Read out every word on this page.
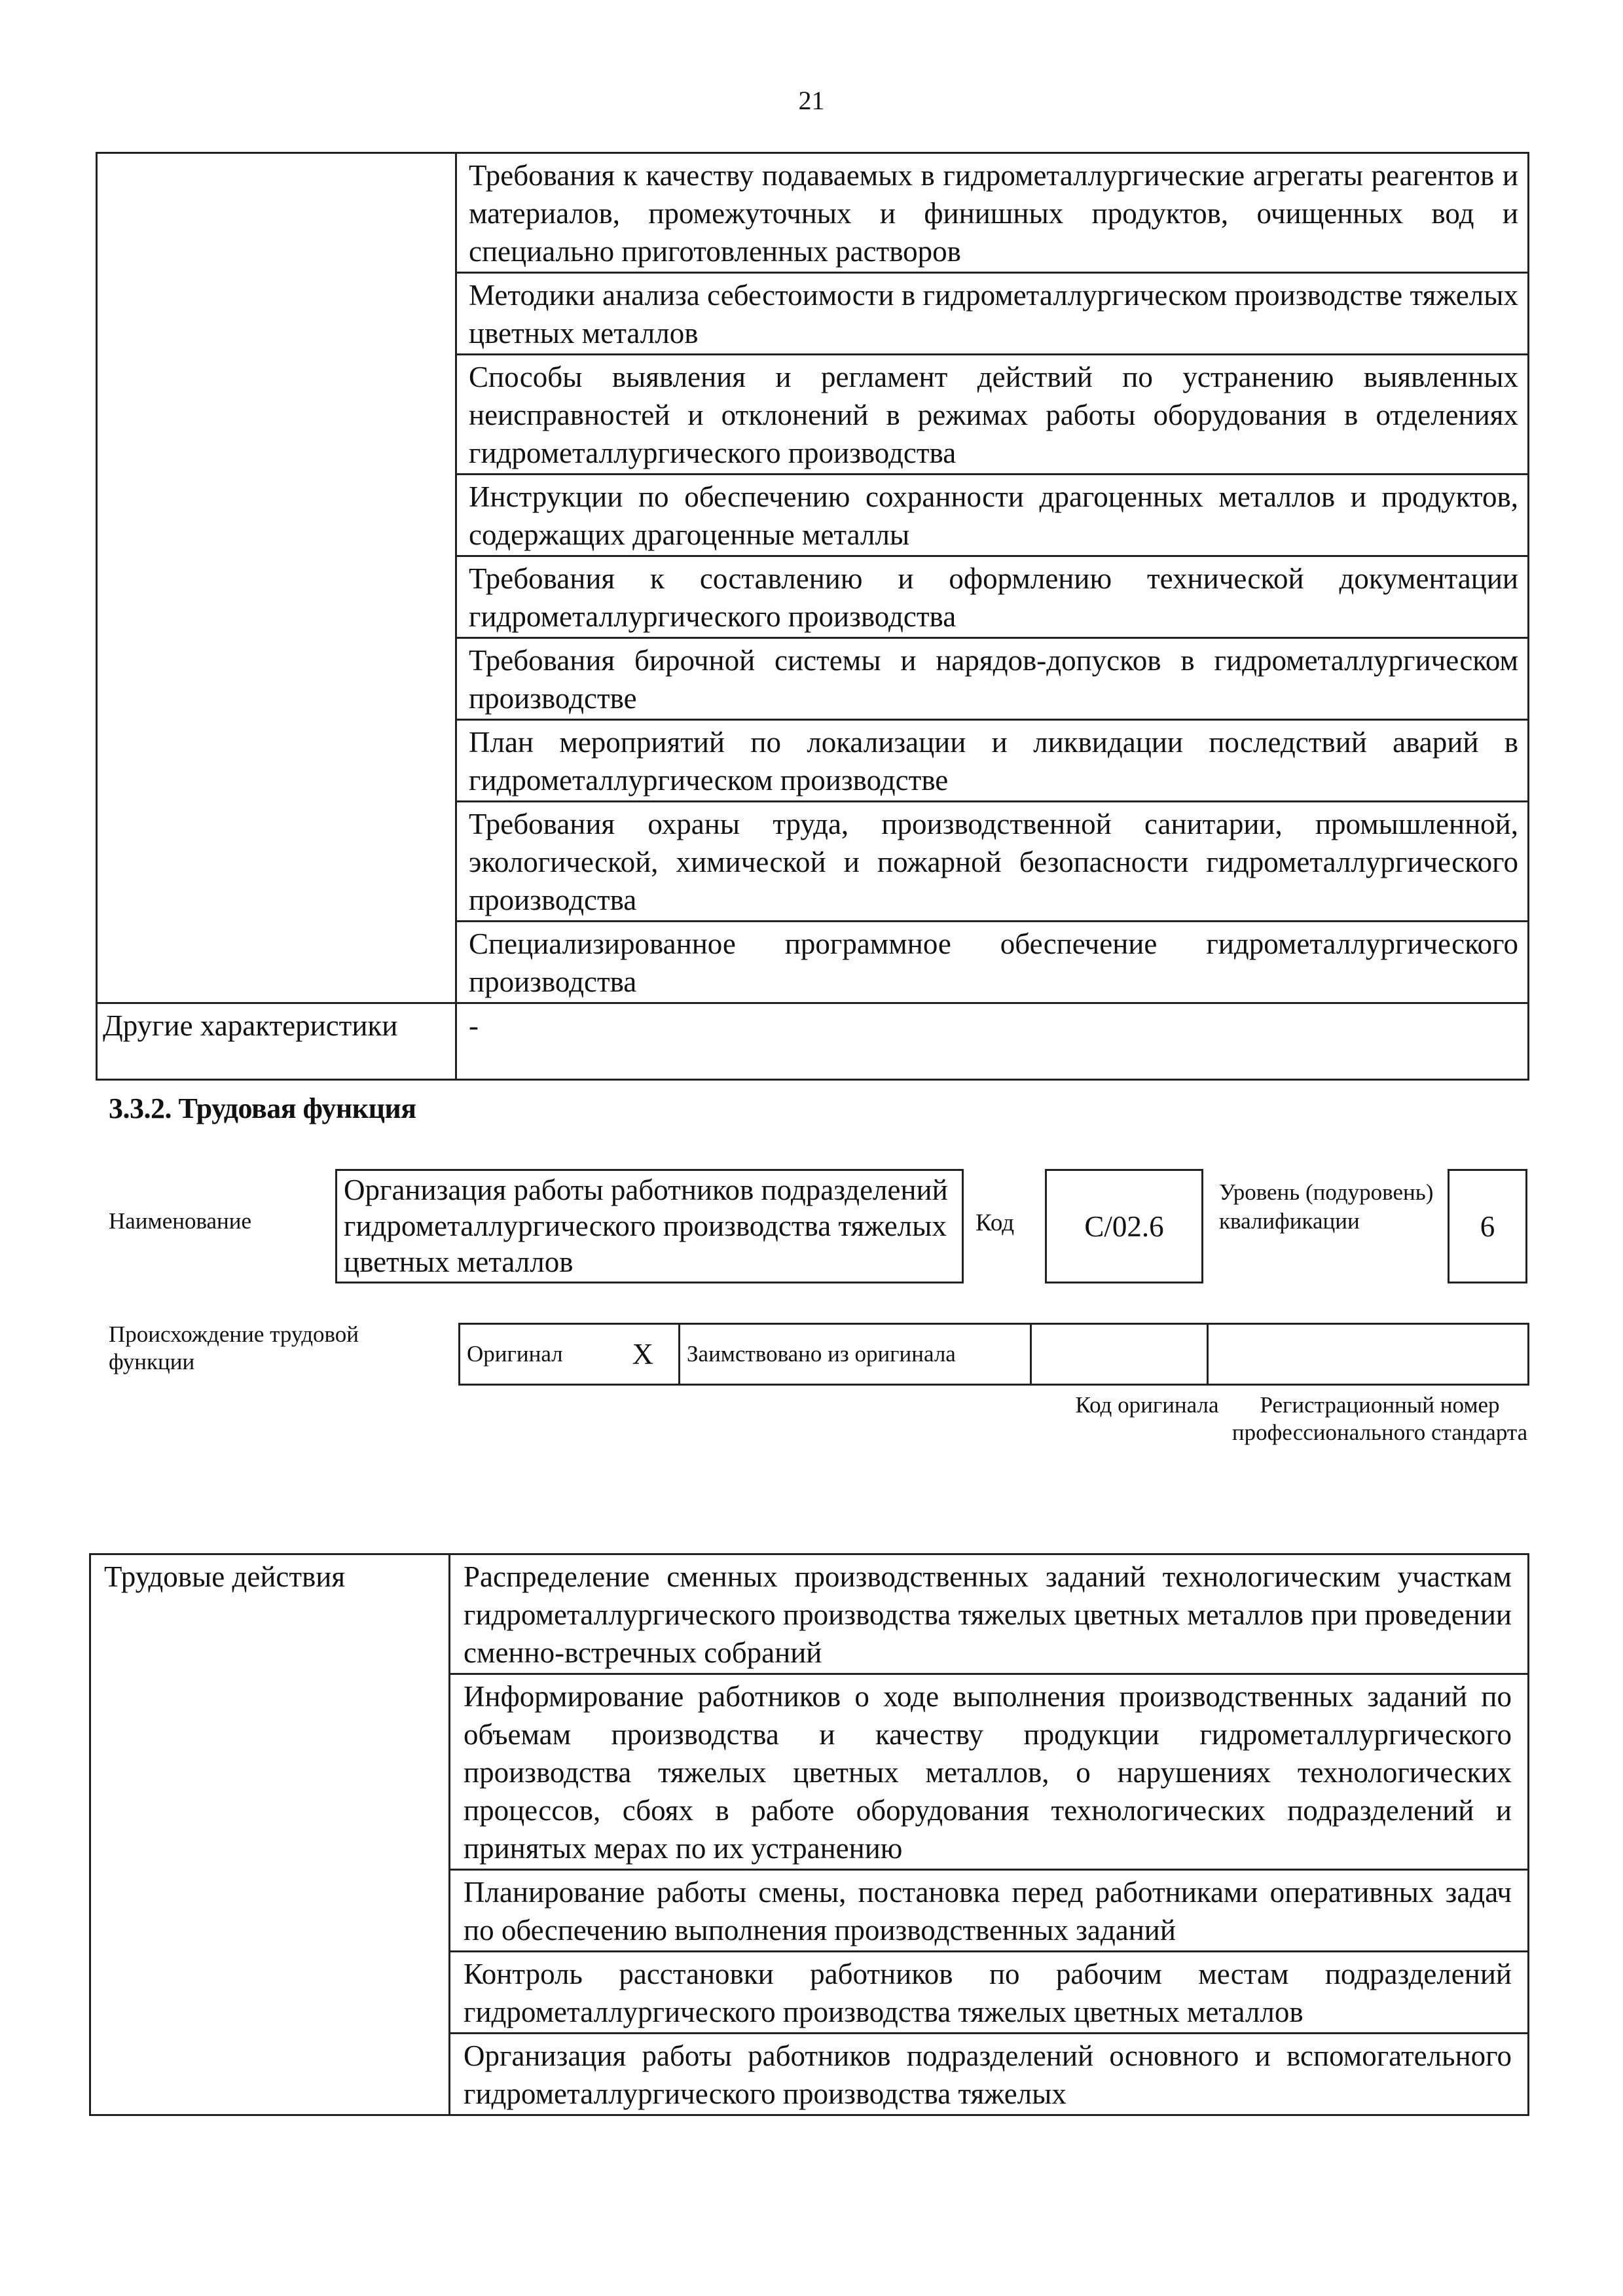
21
	Требования к качеству подаваемых в гидрометаллургические агрегаты реагентов и материалов, промежуточных и финишных продуктов, очищенных вод и специально приготовленных растворов
	Методики анализа себестоимости в гидрометаллургическом производстве тяжелых цветных металлов
	Способы выявления и регламент действий по устранению выявленных неисправностей и отклонений в режимах работы оборудования в отделениях гидрометаллургического производства
	Инструкции по обеспечению сохранности драгоценных металлов и продуктов, содержащих драгоценные металлы
	Требования к составлению и оформлению технической документации гидрометаллургического производства
	Требования бирочной системы и нарядов-допусков в гидрометаллургическом производстве
	План мероприятий по локализации и ликвидации последствий аварий в гидрометаллургическом производстве
	Требования охраны труда, производственной санитарии, промышленной, экологической, химической и пожарной безопасности гидрометаллургического производства
	Специализированное программное обеспечение гидрометаллургического производства
Другие характеристики	-
3.3.2. Трудовая функция
Наименование
Организация работы работников подразделений гидрометаллургического производства тяжелых цветных металлов
Код C/02.6
Уровень (подуровень) квалификации	6
Происхождение трудовой функции	Оригинал	X	Заимствовано из оригинала		
Код оригинала	Регистрационный номер профессионального стандарта
Трудовые действия	Распределение сменных производственных заданий технологическим участкам гидрометаллургического производства тяжелых цветных металлов при проведении сменно-встречных собраний
Информирование работников о ходе выполнения производственных заданий по объемам производства и качеству продукции гидрометаллургического производства тяжелых цветных металлов, о нарушениях технологических процессов, сбоях в работе оборудования технологических подразделений и принятых мерах по их устранению
Планирование работы смены, постановка перед работниками оперативных задач по обеспечению выполнения производственных заданий
Контроль расстановки работников по рабочим местам подразделений гидрометаллургического производства тяжелых цветных металлов
Организация работы работников подразделений основного и вспомогательного гидрометаллургического производства тяжелых
